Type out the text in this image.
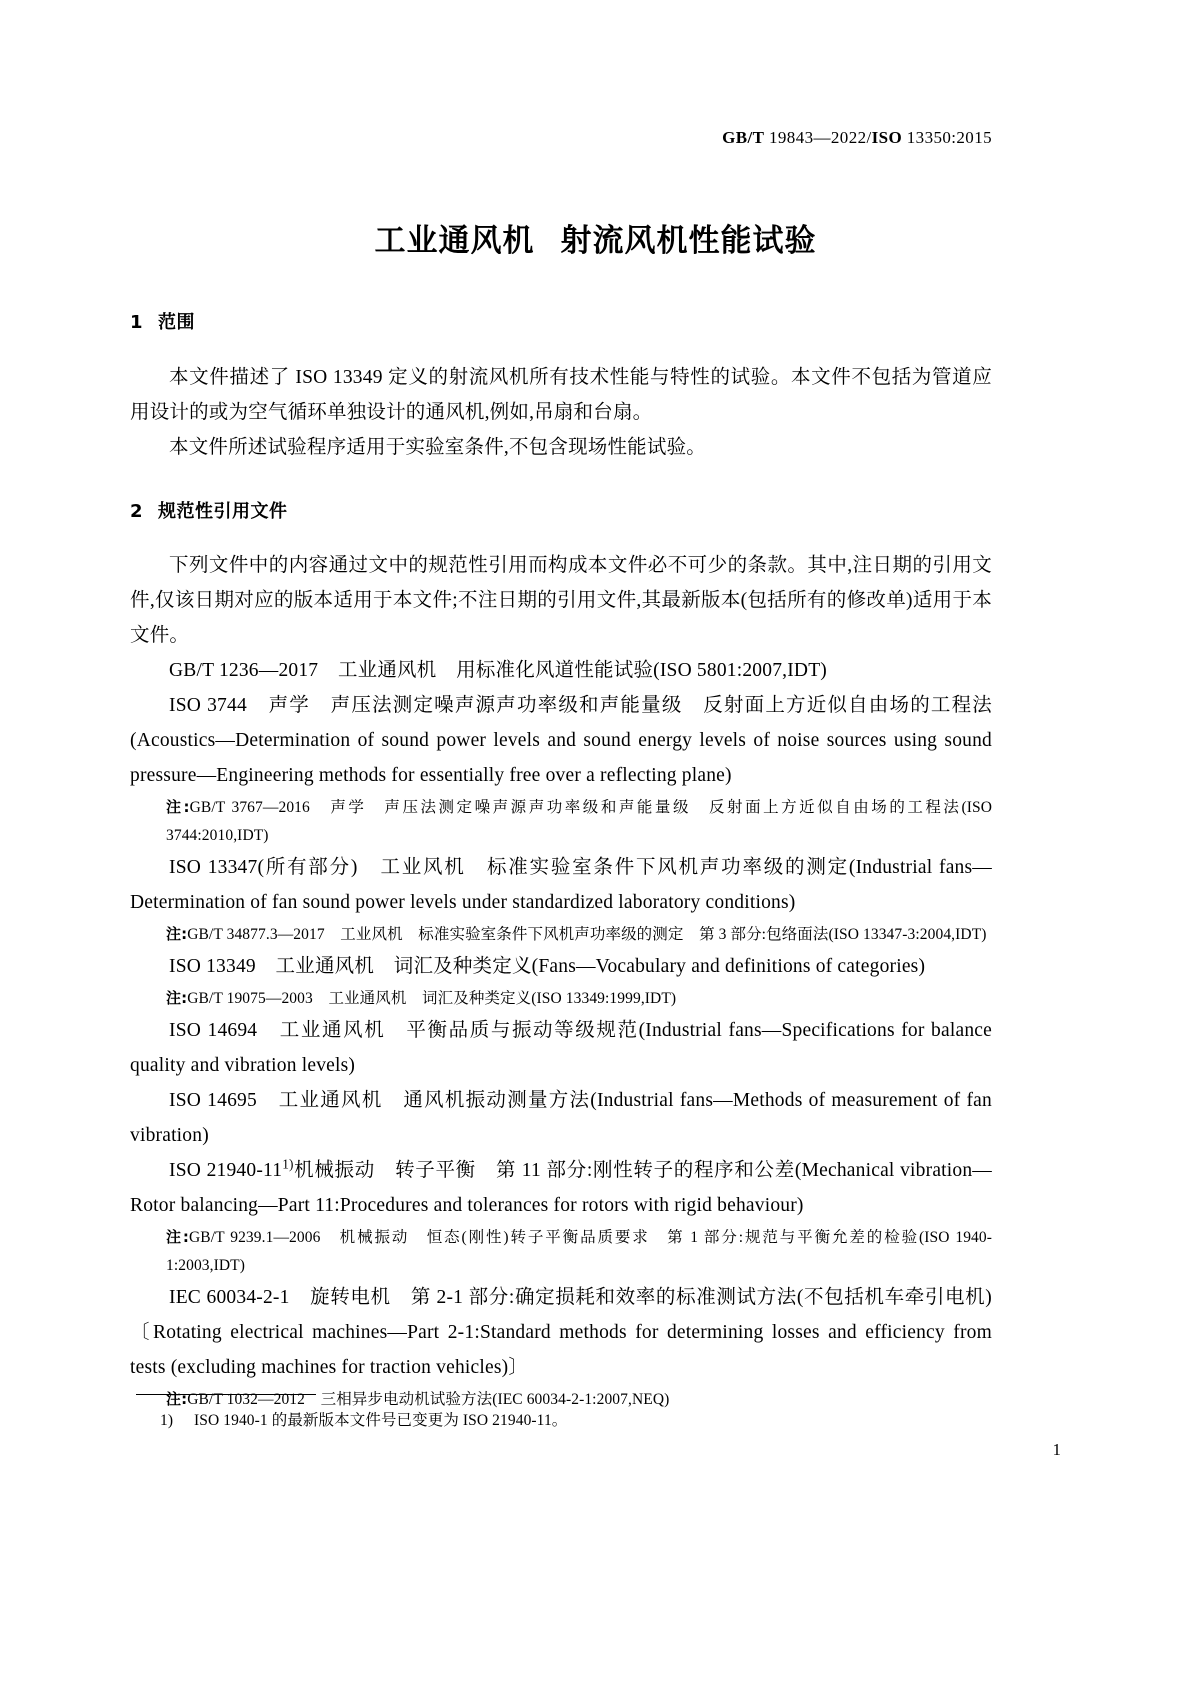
GB/T 19843—2022/ISO 13350:2015
工业通风机 射流风机性能试验
1 范围

本文件描述了 ISO 13349 定义的射流风机所有技术性能与特性的试验。本文件不包括为管道应用设计的或为空气循环单独设计的通风机,例如,吊扇和台扇。

本文件所述试验程序适用于实验室条件,不包含现场性能试验。

2 规范性引用文件

下列文件中的内容通过文中的规范性引用而构成本文件必不可少的条款。其中,注日期的引用文件,仅该日期对应的版本适用于本文件;不注日期的引用文件,其最新版本(包括所有的修改单)适用于本文件。

GB/T 1236—2017　工业通风机　用标准化风道性能试验(ISO 5801:2007,IDT)

ISO 3744　声学　声压法测定噪声源声功率级和声能量级　反射面上方近似自由场的工程法(Acoustics—Determination of sound power levels and sound energy levels of noise sources using sound pressure—Engineering methods for essentially free over a reflecting plane)

注:GB/T 3767—2016　声学　声压法测定噪声源声功率级和声能量级　反射面上方近似自由场的工程法(ISO 3744:2010,IDT)

ISO 13347(所有部分)　工业风机　标准实验室条件下风机声功率级的测定(Industrial fans—Determination of fan sound power levels under standardized laboratory conditions)

注:GB/T 34877.3—2017　工业风机　标准实验室条件下风机声功率级的测定　第 3 部分:包络面法(ISO 13347-3:2004,IDT)

ISO 13349　工业通风机　词汇及种类定义(Fans—Vocabulary and definitions of categories)

注:GB/T 19075—2003　工业通风机　词汇及种类定义(ISO 13349:1999,IDT)

ISO 14694　工业通风机　平衡品质与振动等级规范(Industrial fans—Specifications for balance quality and vibration levels)

ISO 14695　工业通风机　通风机振动测量方法(Industrial fans—Methods of measurement of fan vibration)

ISO 21940-11$^{1)}$机械振动　转子平衡　第 11 部分:刚性转子的程序和公差(Mechanical vibration—Rotor balancing—Part 11:Procedures and tolerances for rotors with rigid behaviour)

注:GB/T 9239.1—2006　机械振动　恒态(刚性)转子平衡品质要求　第 1 部分:规范与平衡允差的检验(ISO 1940-1:2003,IDT)

IEC 60034-2-1　旋转电机　第 2-1 部分:确定损耗和效率的标准测试方法(不包括机车牵引电机)〔Rotating electrical machines—Part 2-1:Standard methods for determining losses and efficiency from tests (excluding machines for traction vehicles)〕

注:GB/T 1032—2012　三相异步电动机试验方法(IEC 60034-2-1:2007,NEQ)

1) ISO 1940-1 的最新版本文件号已变更为 ISO 21940-11。
1
